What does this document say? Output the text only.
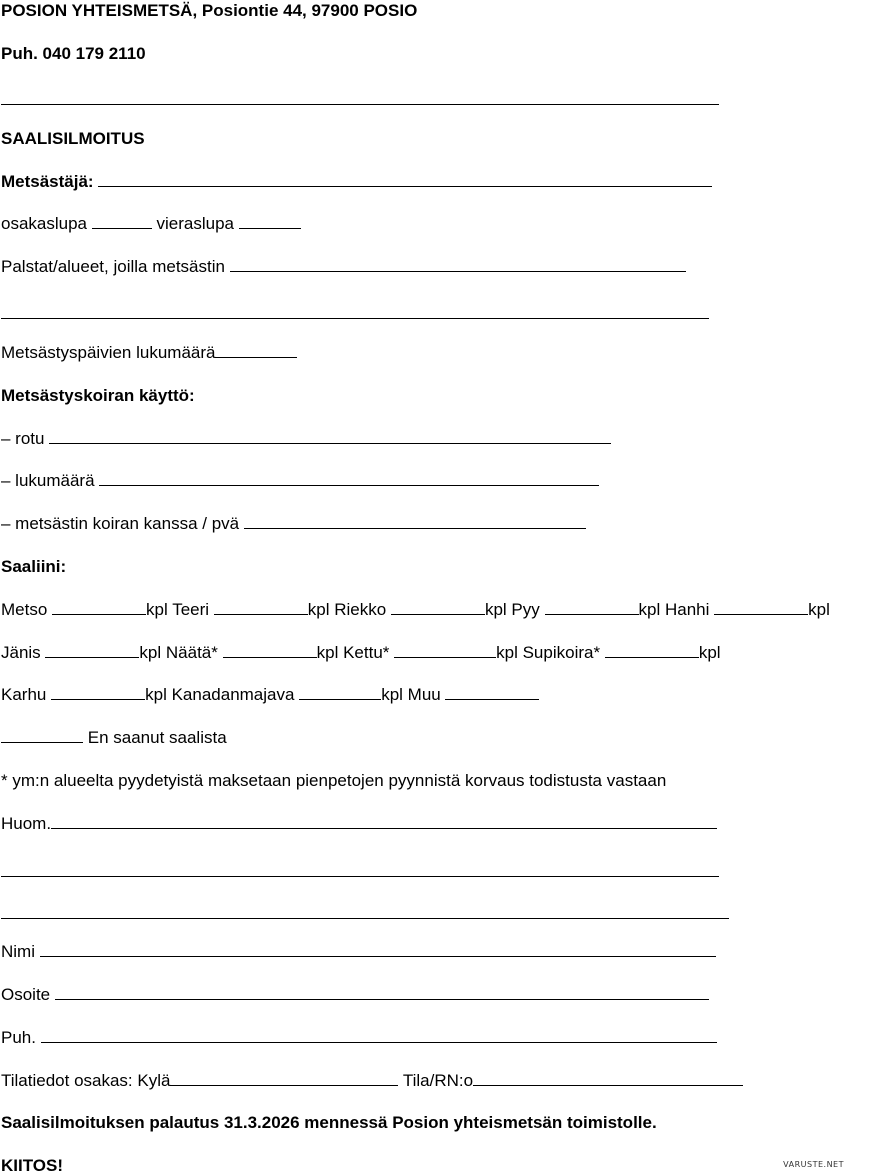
POSION YHTEISMETSÄ, Posiontie 44, 97900 POSIO
Puh. 040 179 2110
SAALISILMOITUS
Metsästäjä:
osakaslupa	vieraslupa
Palstat/alueet, joilla metsästin
Metsästyspäivien lukumäärä
Metsästyskoiran käyttö:
– rotu
– lukumäärä
– metsästin koiran kanssa / pvä
Saaliini:
Metso	kpl Teeri	kpl Riekko	kpl Pyy	kpl Hanhi	kpl
Jänis	kpl Näätä*	kpl Kettu*	kpl Supikoira*	kpl
Karhu	kpl Kanadanmajava	kpl Muu
En saanut saalista
* ym:n alueelta pyydetyistä maksetaan pienpetojen pyynnistä korvaus todistusta vastaan
Huom.
Nimi
Osoite
Puh.
Tilatiedot osakas: Kylä	Tila/RN:o
Saalisilmoituksen palautus 31.3.2026 mennessä Posion yhteismetsän toimistolle.
KIITOS!	VARUSTE.NET
